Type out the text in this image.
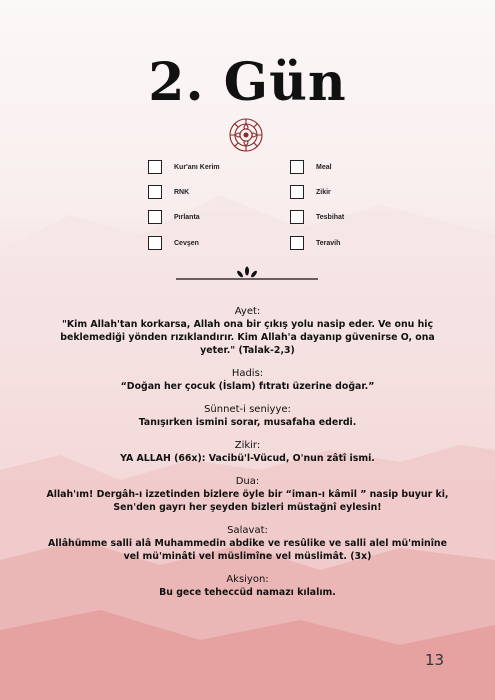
2. Gün
Kur'anı Kerim
RNK
Pırlanta
Cevşen
Meal
Zikir
Tesbihat
Teravih
Ayet:
"Kim Allah'tan korkarsa, Allah ona bir çıkış yolu nasip eder. Ve onu hiç
beklemediği yönden rızıklandırır. Kim Allah'a dayanıp güvenirse O, ona
yeter." (Talak-2,3)
Hadis:
“Doğan her çocuk (İslam) fıtratı üzerine doğar.”
Sünnet-i seniyye:
Tanışırken ismini sorar, musafaha ederdi.
Zikir:
YA ALLAH (66x): Vacibü'l-Vücud, O'nun zâtî ismi.
Dua:
Allah'ım! Dergâh-ı izzetinden bizlere öyle bir “iman-ı kâmil ” nasip buyur ki,
Sen'den gayrı her şeyden bizleri müstağnî eylesin!
Salavat:
Allâhümme salli alâ Muhammedin abdike ve resûlike ve salli alel mü'minîne
vel mü'minâti vel müslimîne vel müslimât. (3x)
Aksiyon:
Bu gece teheccüd namazı kılalım.
13
